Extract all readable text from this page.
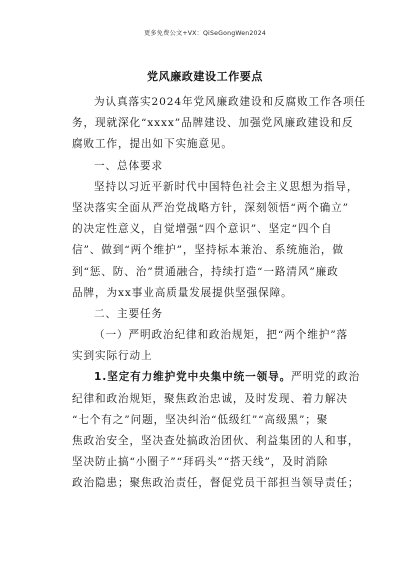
更多免费公文+VX：QiSeGongWen2024
党风廉政建设工作要点
为认真落实2024年党风廉政建设和反腐败工作各项任
务，现就深化“xxxx”品牌建设、加强党风廉政建设和反
腐败工作，提出如下实施意见。
一、总体要求
坚持以习近平新时代中国特色社会主义思想为指导，
坚决落实全面从严治党战略方针，深刻领悟“两个确立”
的决定性意义，自觉增强“四个意识”、坚定“四个自
信”、做到“两个维护”，坚持标本兼治、系统施治，做
到“惩、防、治”贯通融合，持续打造“一路清风”廉政
品牌，为xx事业高质量发展提供坚强保障。
二、主要任务
（一）严明政治纪律和政治规矩，把“两个维护”落
实到实际行动上
1.坚定有力维护党中央集中统一领导。严明党的政治
纪律和政治规矩，聚焦政治忠诚，及时发现、着力解决
“七个有之”问题，坚决纠治“低级红”“高级黑”；聚
焦政治安全，坚决查处搞政治团伙、利益集团的人和事，
坚决防止搞“小圈子”“拜码头”“搭天线”，及时消除
政治隐患；聚焦政治责任，督促党员干部担当领导责任；
